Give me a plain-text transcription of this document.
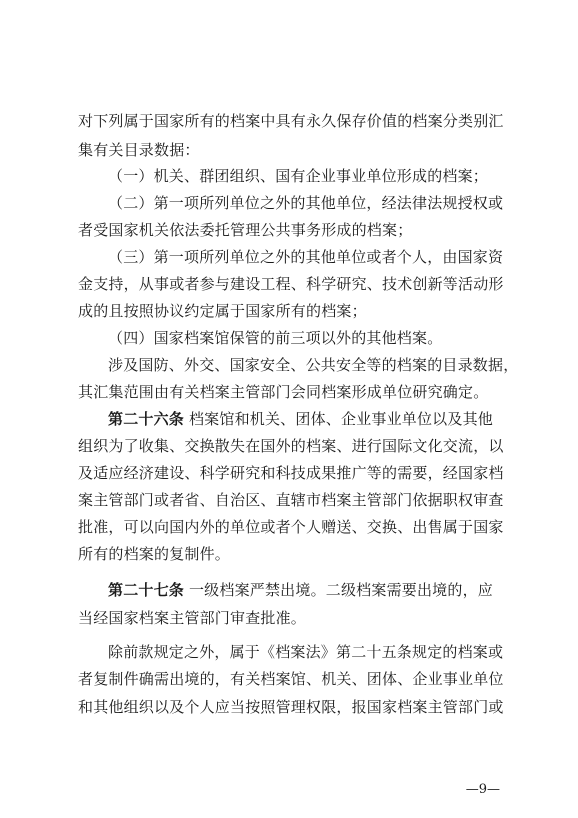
对下列属于国家所有的档案中具有永久保存价值的档案分类别汇
集有关目录数据：
（一）机关、群团组织、国有企业事业单位形成的档案；
（二）第一项所列单位之外的其他单位，经法律法规授权或
者受国家机关依法委托管理公共事务形成的档案；
（三）第一项所列单位之外的其他单位或者个人，由国家资
金支持，从事或者参与建设工程、科学研究、技术创新等活动形
成的且按照协议约定属于国家所有的档案；
（四）国家档案馆保管的前三项以外的其他档案。
涉及国防、外交、国家安全、公共安全等的档案的目录数据，
其汇集范围由有关档案主管部门会同档案形成单位研究确定。
第二十六条 档案馆和机关、团体、企业事业单位以及其他
组织为了收集、交换散失在国外的档案、进行国际文化交流，以
及适应经济建设、科学研究和科技成果推广等的需要，经国家档
案主管部门或者省、自治区、直辖市档案主管部门依据职权审查
批准，可以向国内外的单位或者个人赠送、交换、出售属于国家
所有的档案的复制件。
第二十七条 一级档案严禁出境。二级档案需要出境的，应
当经国家档案主管部门审查批准。
除前款规定之外，属于《档案法》第二十五条规定的档案或
者复制件确需出境的，有关档案馆、机关、团体、企业事业单位
和其他组织以及个人应当按照管理权限，报国家档案主管部门或
—9—
